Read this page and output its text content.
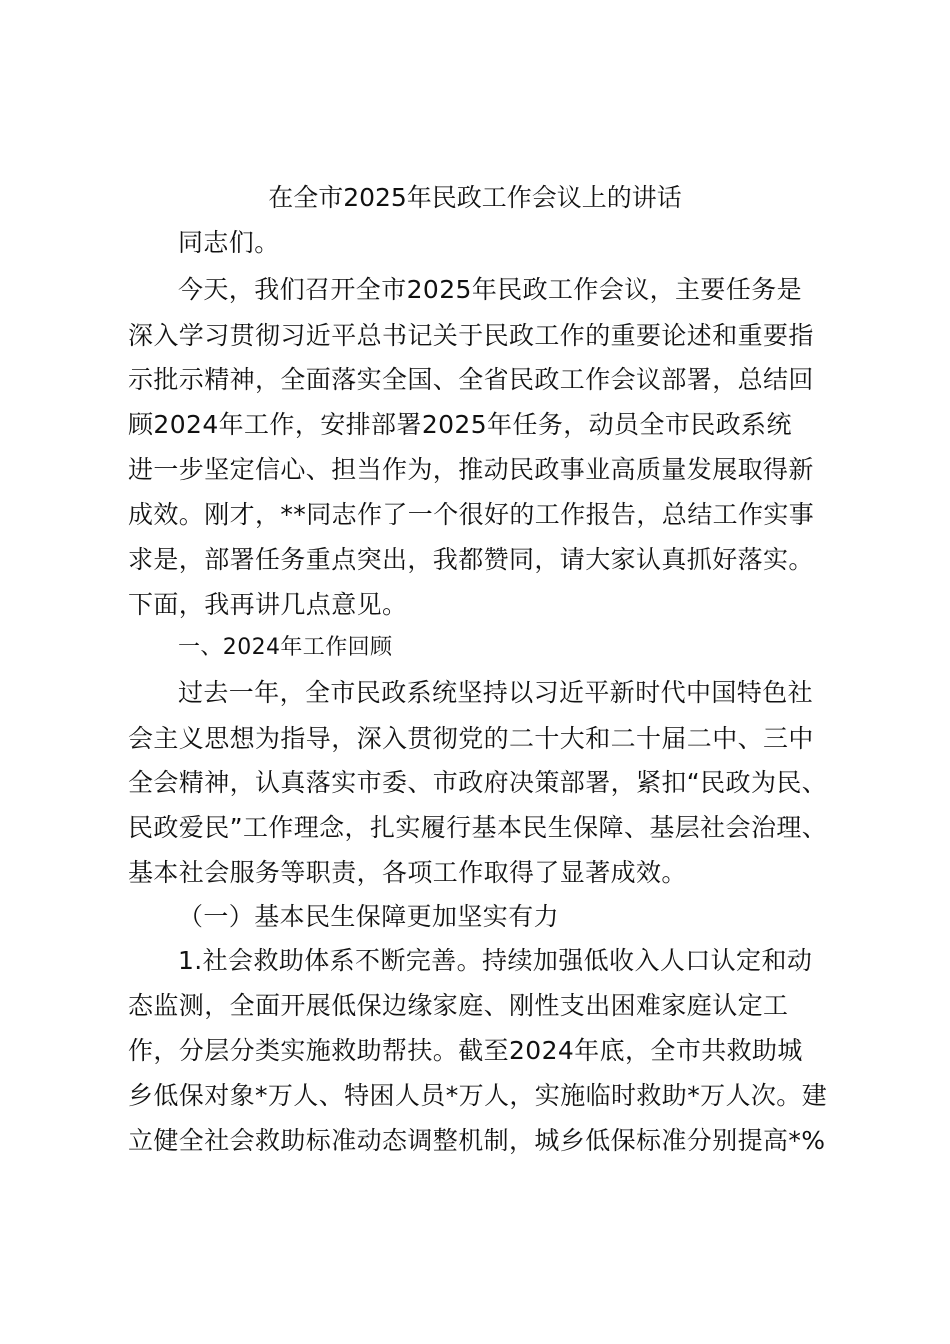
在全市2025年民政工作会议上的讲话
同志们。
今天，我们召开全市2025年民政工作会议，主要任务是
深入学习贯彻习近平总书记关于民政工作的重要论述和重要指
示批示精神，全面落实全国、全省民政工作会议部署，总结回
顾2024年工作，安排部署2025年任务，动员全市民政系统
进一步坚定信心、担当作为，推动民政事业高质量发展取得新
成效。刚才，**同志作了一个很好的工作报告，总结工作实事
求是，部署任务重点突出，我都赞同，请大家认真抓好落实。
下面，我再讲几点意见。
一、2024年工作回顾
过去一年，全市民政系统坚持以习近平新时代中国特色社
会主义思想为指导，深入贯彻党的二十大和二十届二中、三中
全会精神，认真落实市委、市政府决策部署，紧扣“民政为民、
民政爱民”工作理念，扎实履行基本民生保障、基层社会治理、
基本社会服务等职责，各项工作取得了显著成效。
（一）基本民生保障更加坚实有力
1.社会救助体系不断完善。持续加强低收入人口认定和动
态监测，全面开展低保边缘家庭、刚性支出困难家庭认定工
作，分层分类实施救助帮扶。截至2024年底，全市共救助城
乡低保对象*万人、特困人员*万人，实施临时救助*万人次。建
立健全社会救助标准动态调整机制，城乡低保标准分别提高*%
